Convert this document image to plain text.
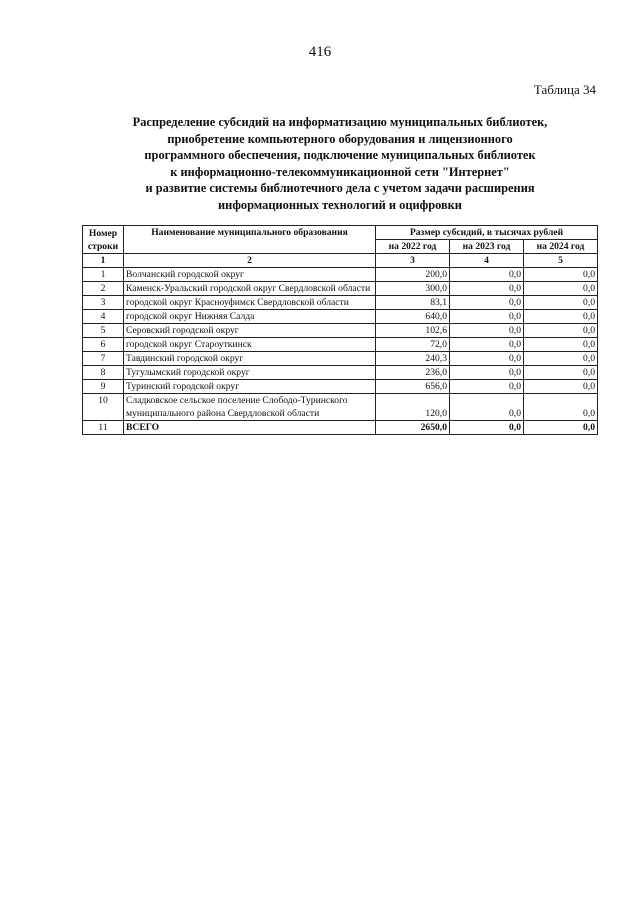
416
Таблица 34
Распределение субсидий на информатизацию муниципальных библиотек,
приобретение компьютерного оборудования и лицензионного
программного обеспечения, подключение муниципальных библиотек
к информационно-телекоммуникационной сети "Интернет"
и развитие системы библиотечного дела с учетом задачи расширения
информационных технологий и оцифровки
Номер строки	Наименование муниципального образования	Размер субсидий, в тысячах рублей		
		на 2022 год	на 2023 год	на 2024 год
1	2	3	4	5
1	Волчанский городской округ	200,0	0,0	0,0
2	Каменск-Уральский городской округ Свердловской области	300,0	0,0	0,0
3	городской округ Красноуфимск Свердловской области	83,1	0,0	0,0
4	городской округ Нижняя Салда	640,0	0,0	0,0
5	Серовский городской округ	102,6	0,0	0,0
6	городской округ Староуткинск	72,0	0,0	0,0
7	Тавдинский городской округ	240,3	0,0	0,0
8	Тугулымский городской округ	236,0	0,0	0,0
9	Туринский городской округ	656,0	0,0	0,0
10	Сладковское сельское поселение Слободо-Туринского муниципального района Свердловской области	120,0	0,0	0,0
11	ВСЕГО	2650,0	0,0	0,0
